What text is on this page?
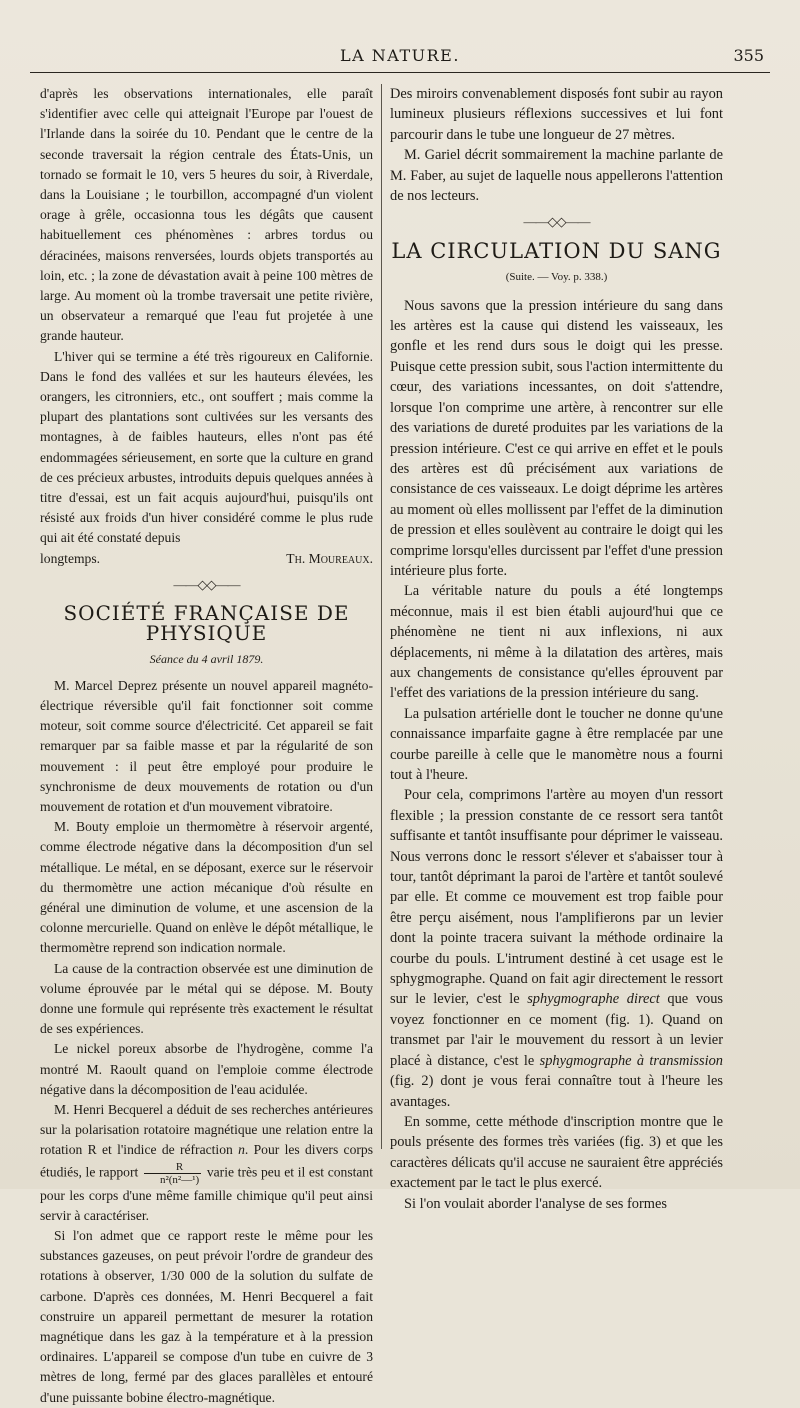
LA NATURE.	355

d'après les observations internationales, elle paraît s'identifier avec celle qui atteignait l'Europe par l'ouest de l'Irlande dans la soirée du 10. Pendant que le centre de la seconde traversait la région centrale des États-Unis, un tornado se formait le 10, vers 5 heures du soir, à Riverdale, dans la Louisiane ; le tourbillon, accompagné d'un violent orage à grêle, occasionna tous les dégâts que causent habituellement ces phénomènes : arbres tordus ou déracinées, maisons renversées, lourds objets transportés au loin, etc. ; la zone de dévastation avait à peine 100 mètres de large. Au moment où la trombe traversait une petite rivière, un observateur a remarqué que l'eau fut projetée à une grande hauteur.

L'hiver qui se termine a été très rigoureux en Californie. Dans le fond des vallées et sur les hauteurs élevées, les orangers, les citronniers, etc., ont souffert ; mais comme la plupart des plantations sont cultivées sur les versants des montagnes, à de faibles hauteurs, elles n'ont pas été endommagées sérieusement, en sorte que la culture en grand de ces précieux arbustes, introduits depuis quelques années à titre d'essai, est un fait acquis aujourd'hui, puisqu'ils ont résisté aux froids d'un hiver considéré comme le plus rude qui ait été constaté depuis

longtemps.	Th. Moureaux.
——◇◇——
SOCIÉTÉ FRANÇAISE DE PHYSIQUE
Séance du 4 avril 1879.

M. Marcel Deprez présente un nouvel appareil magnéto-électrique réversible qu'il fait fonctionner soit comme moteur, soit comme source d'électricité. Cet appareil se fait remarquer par sa faible masse et par la régularité de son mouvement : il peut être employé pour produire le synchronisme de deux mouvements de rotation ou d'un mouvement de rotation et d'un mouvement vibratoire.

M. Bouty emploie un thermomètre à réservoir argenté, comme électrode négative dans la décomposition d'un sel métallique. Le métal, en se déposant, exerce sur le réservoir du thermomètre une action mécanique d'où résulte en général une diminution de volume, et une ascension de la colonne mercurielle. Quand on enlève le dépôt métallique, le thermomètre reprend son indication normale.

La cause de la contraction observée est une diminution de volume éprouvée par le métal qui se dépose. M. Bouty donne une formule qui représente très exactement le résultat de ses expériences.

Le nickel poreux absorbe de l'hydrogène, comme l'a montré M. Raoult quand on l'emploie comme électrode négative dans la décomposition de l'eau acidulée.

M. Henri Becquerel a déduit de ses recherches antérieures sur la polarisation rotatoire magnétique une relation entre la rotation R et l'indice de réfraction n. Pour les divers corps étudiés, le rapport $\frac{R}{\text{n²(n²—¹)}}$ varie très peu et il est constant pour les corps d'une même famille chimique qu'il peut ainsi servir à caractériser.

Si l'on admet que ce rapport reste le même pour les substances gazeuses, on peut prévoir l'ordre de grandeur des rotations à observer, 1/30 000 de la solution du sulfate de carbone. D'après ces données, M. Henri Becquerel a fait construire un appareil permettant de mesurer la rotation magnétique dans les gaz à la température et à la pression ordinaires. L'appareil se compose d'un tube en cuivre de 3 mètres de long, fermé par des glaces parallèles et entouré d'une puissante bobine électro-magnétique.

Des miroirs convenablement disposés font subir au rayon lumineux plusieurs réflexions successives et lui font parcourir dans le tube une longueur de 27 mètres.

M. Gariel décrit sommairement la machine parlante de M. Faber, au sujet de laquelle nous appellerons l'attention de nos lecteurs.

——◇◇——
LA CIRCULATION DU SANG
(Suite. — Voy. p. 338.)

Nous savons que la pression intérieure du sang dans les artères est la cause qui distend les vaisseaux, les gonfle et les rend durs sous le doigt qui les presse. Puisque cette pression subit, sous l'action intermittente du cœur, des variations incessantes, on doit s'attendre, lorsque l'on comprime une artère, à rencontrer sur elle des variations de dureté produites par les variations de la pression intérieure. C'est ce qui arrive en effet et le pouls des artères est dû précisément aux variations de consistance de ces vaisseaux. Le doigt déprime les artères au moment où elles mollissent par l'effet de la diminution de pression et elles soulèvent au contraire le doigt qui les comprime lorsqu'elles durcissent par l'effet d'une pression intérieure plus forte.

La véritable nature du pouls a été longtemps méconnue, mais il est bien établi aujourd'hui que ce phénomène ne tient ni aux inflexions, ni aux déplacements, ni même à la dilatation des artères, mais aux changements de consistance qu'elles éprouvent par l'effet des variations de la pression intérieure du sang.

La pulsation artérielle dont le toucher ne donne qu'une connaissance imparfaite gagne à être remplacée par une courbe pareille à celle que le manomètre nous a fourni tout à l'heure.

Pour cela, comprimons l'artère au moyen d'un ressort flexible ; la pression constante de ce ressort sera tantôt suffisante et tantôt insuffisante pour déprimer le vaisseau. Nous verrons donc le ressort s'élever et s'abaisser tour à tour, tantôt déprimant la paroi de l'artère et tantôt soulevé par elle. Et comme ce mouvement est trop faible pour être perçu aisément, nous l'amplifierons par un levier dont la pointe tracera suivant la méthode ordinaire la courbe du pouls. L'intrument destiné à cet usage est le sphygmographe. Quand on fait agir directement le ressort sur le levier, c'est le sphygmographe direct que vous voyez fonctionner en ce moment (fig. 1). Quand on transmet par l'air le mouvement du ressort à un levier placé à distance, c'est le sphygmographe à transmission (fig. 2) dont je vous ferai connaître tout à l'heure les avantages.

En somme, cette méthode d'inscription montre que le pouls présente des formes très variées (fig. 3) et que les caractères délicats qu'il accuse ne sauraient être appréciés exactement par le tact le plus exercé.

Si l'on voulait aborder l'analyse de ses formes
